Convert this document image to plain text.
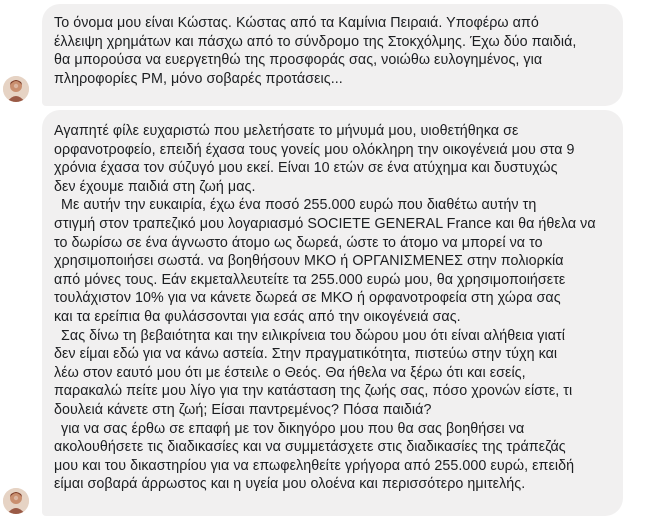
Το όνομα μου είναι Κώστας. Κώστας από τα Καμίνια Πειραιά. Υποφέρω από
έλλειψη χρημάτων και πάσχω από το σύνδρομο της Στοκχόλμης. Έχω δύο παιδιά,
θα μπορούσα να ευεργετηθώ της προσφοράς σας, νοιώθω ευλογημένος, για
πληροφορίες PM, μόνο σοβαρές προτάσεις...
Αγαπητέ φίλε ευχαριστώ που μελετήσατε το μήνυμά μου, υιοθετήθηκα σε
ορφανοτροφείο, επειδή έχασα τους γονείς μου ολόκληρη την οικογένειά μου στα 9
χρόνια έχασα τον σύζυγό μου εκεί. Είναι 10 ετών σε ένα ατύχημα και δυστυχώς
δεν έχουμε παιδιά στη ζωή μας.
Με αυτήν την ευκαιρία, έχω ένα ποσό 255.000 ευρώ που διαθέτω αυτήν τη
στιγμή στον τραπεζικό μου λογαριασμό SOCIETE GENERAL France και θα ήθελα να
το δωρίσω σε ένα άγνωστο άτομο ως δωρεά, ώστε το άτομο να μπορεί να το
χρησιμοποιήσει σωστά. να βοηθήσουν ΜΚΟ ή ΟΡΓΑΝΙΣΜΕΝΕΣ στην πολιορκία
από μόνες τους. Εάν εκμεταλλευτείτε τα 255.000 ευρώ μου, θα χρησιμοποιήσετε
τουλάχιστον 10% για να κάνετε δωρεά σε ΜΚΟ ή ορφανοτροφεία στη χώρα σας
και τα ερείπια θα φυλάσσονται για εσάς από την οικογένειά σας.
Σας δίνω τη βεβαιότητα και την ειλικρίνεια του δώρου μου ότι είναι αλήθεια γιατί
δεν είμαι εδώ για να κάνω αστεία. Στην πραγματικότητα, πιστεύω στην τύχη και
λέω στον εαυτό μου ότι με έστειλε ο Θεός. Θα ήθελα να ξέρω ότι και εσείς,
παρακαλώ πείτε μου λίγο για την κατάσταση της ζωής σας, πόσο χρονών είστε, τι
δουλειά κάνετε στη ζωή; Είσαι παντρεμένος? Πόσα παιδιά?
για να σας έρθω σε επαφή με τον δικηγόρο μου που θα σας βοηθήσει να
ακολουθήσετε τις διαδικασίες και να συμμετάσχετε στις διαδικασίες της τράπεζάς
μου και του δικαστηρίου για να επωφεληθείτε γρήγορα από 255.000 ευρώ, επειδή
είμαι σοβαρά άρρωστος και η υγεία μου ολοένα και περισσότερο ημιτελής.
